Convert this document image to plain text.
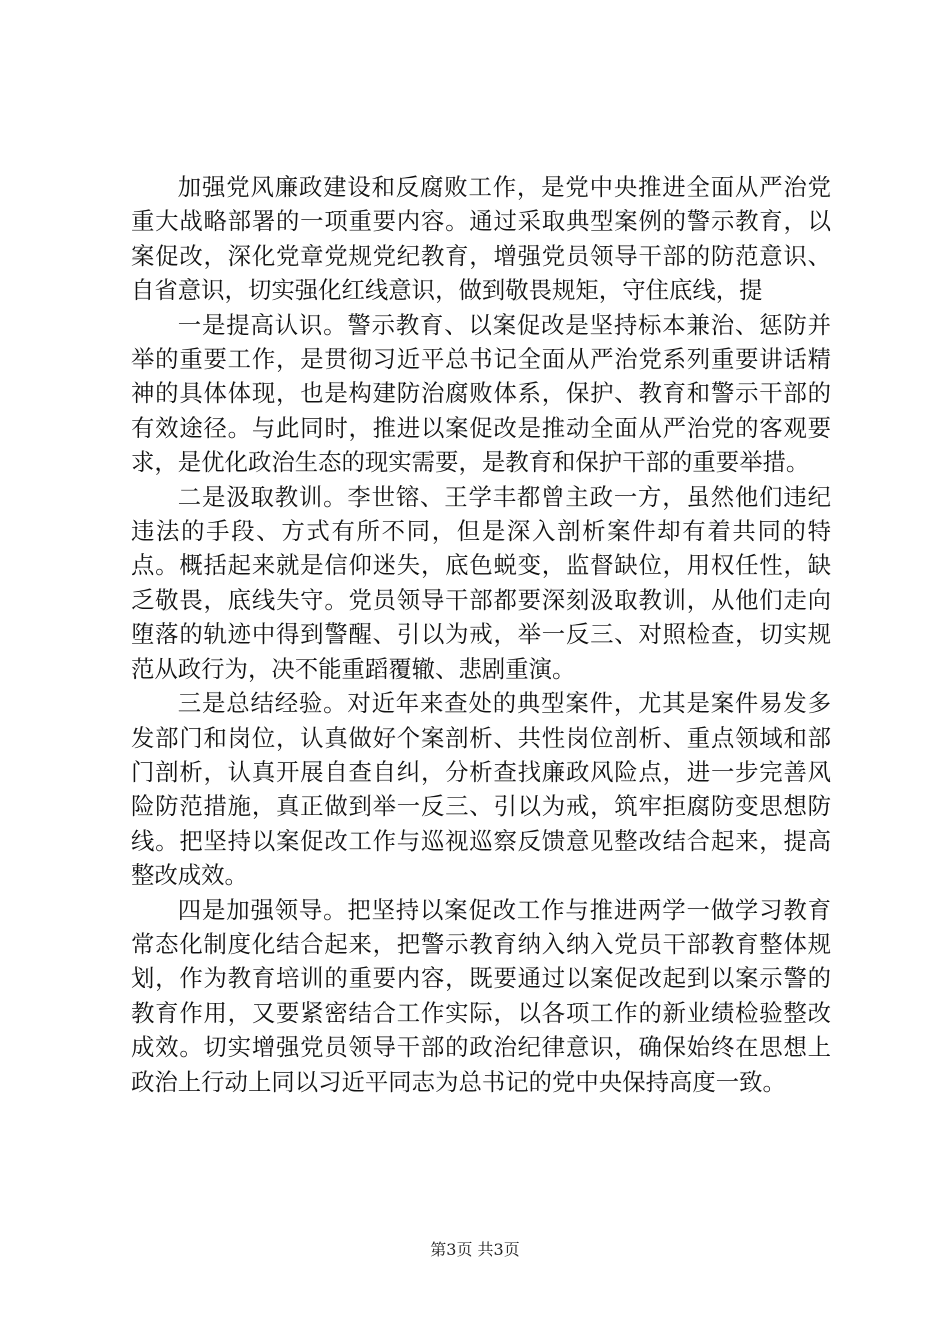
加强党风廉政建设和反腐败工作，是党中央推进全面从严治党重大战略部署的一项重要内容。通过采取典型案例的警示教育，以案促改，深化党章党规党纪教育，增强党员领导干部的防范意识、自省意识，切实强化红线意识，做到敬畏规矩，守住底线，提

一是提高认识。警示教育、以案促改是坚持标本兼治、惩防并举的重要工作，是贯彻习近平总书记全面从严治党系列重要讲话精神的具体体现，也是构建防治腐败体系，保护、教育和警示干部的有效途径。与此同时，推进以案促改是推动全面从严治党的客观要求，是优化政治生态的现实需要，是教育和保护干部的重要举措。

二是汲取教训。李世镕、王学丰都曾主政一方，虽然他们违纪违法的手段、方式有所不同，但是深入剖析案件却有着共同的特点。概括起来就是信仰迷失，底色蜕变，监督缺位，用权任性，缺乏敬畏，底线失守。党员领导干部都要深刻汲取教训，从他们走向堕落的轨迹中得到警醒、引以为戒，举一反三、对照检查，切实规范从政行为，决不能重蹈覆辙、悲剧重演。

三是总结经验。对近年来查处的典型案件，尤其是案件易发多发部门和岗位，认真做好个案剖析、共性岗位剖析、重点领域和部门剖析，认真开展自查自纠，分析查找廉政风险点，进一步完善风险防范措施，真正做到举一反三、引以为戒，筑牢拒腐防变思想防线。把坚持以案促改工作与巡视巡察反馈意见整改结合起来，提高整改成效。

四是加强领导。把坚持以案促改工作与推进两学一做学习教育常态化制度化结合起来，把警示教育纳入纳入党员干部教育整体规划，作为教育培训的重要内容，既要通过以案促改起到以案示警的教育作用，又要紧密结合工作实际，以各项工作的新业绩检验整改成效。切实增强党员领导干部的政治纪律意识，确保始终在思想上政治上行动上同以习近平同志为总书记的党中央保持高度一致。

第3页 共3页
